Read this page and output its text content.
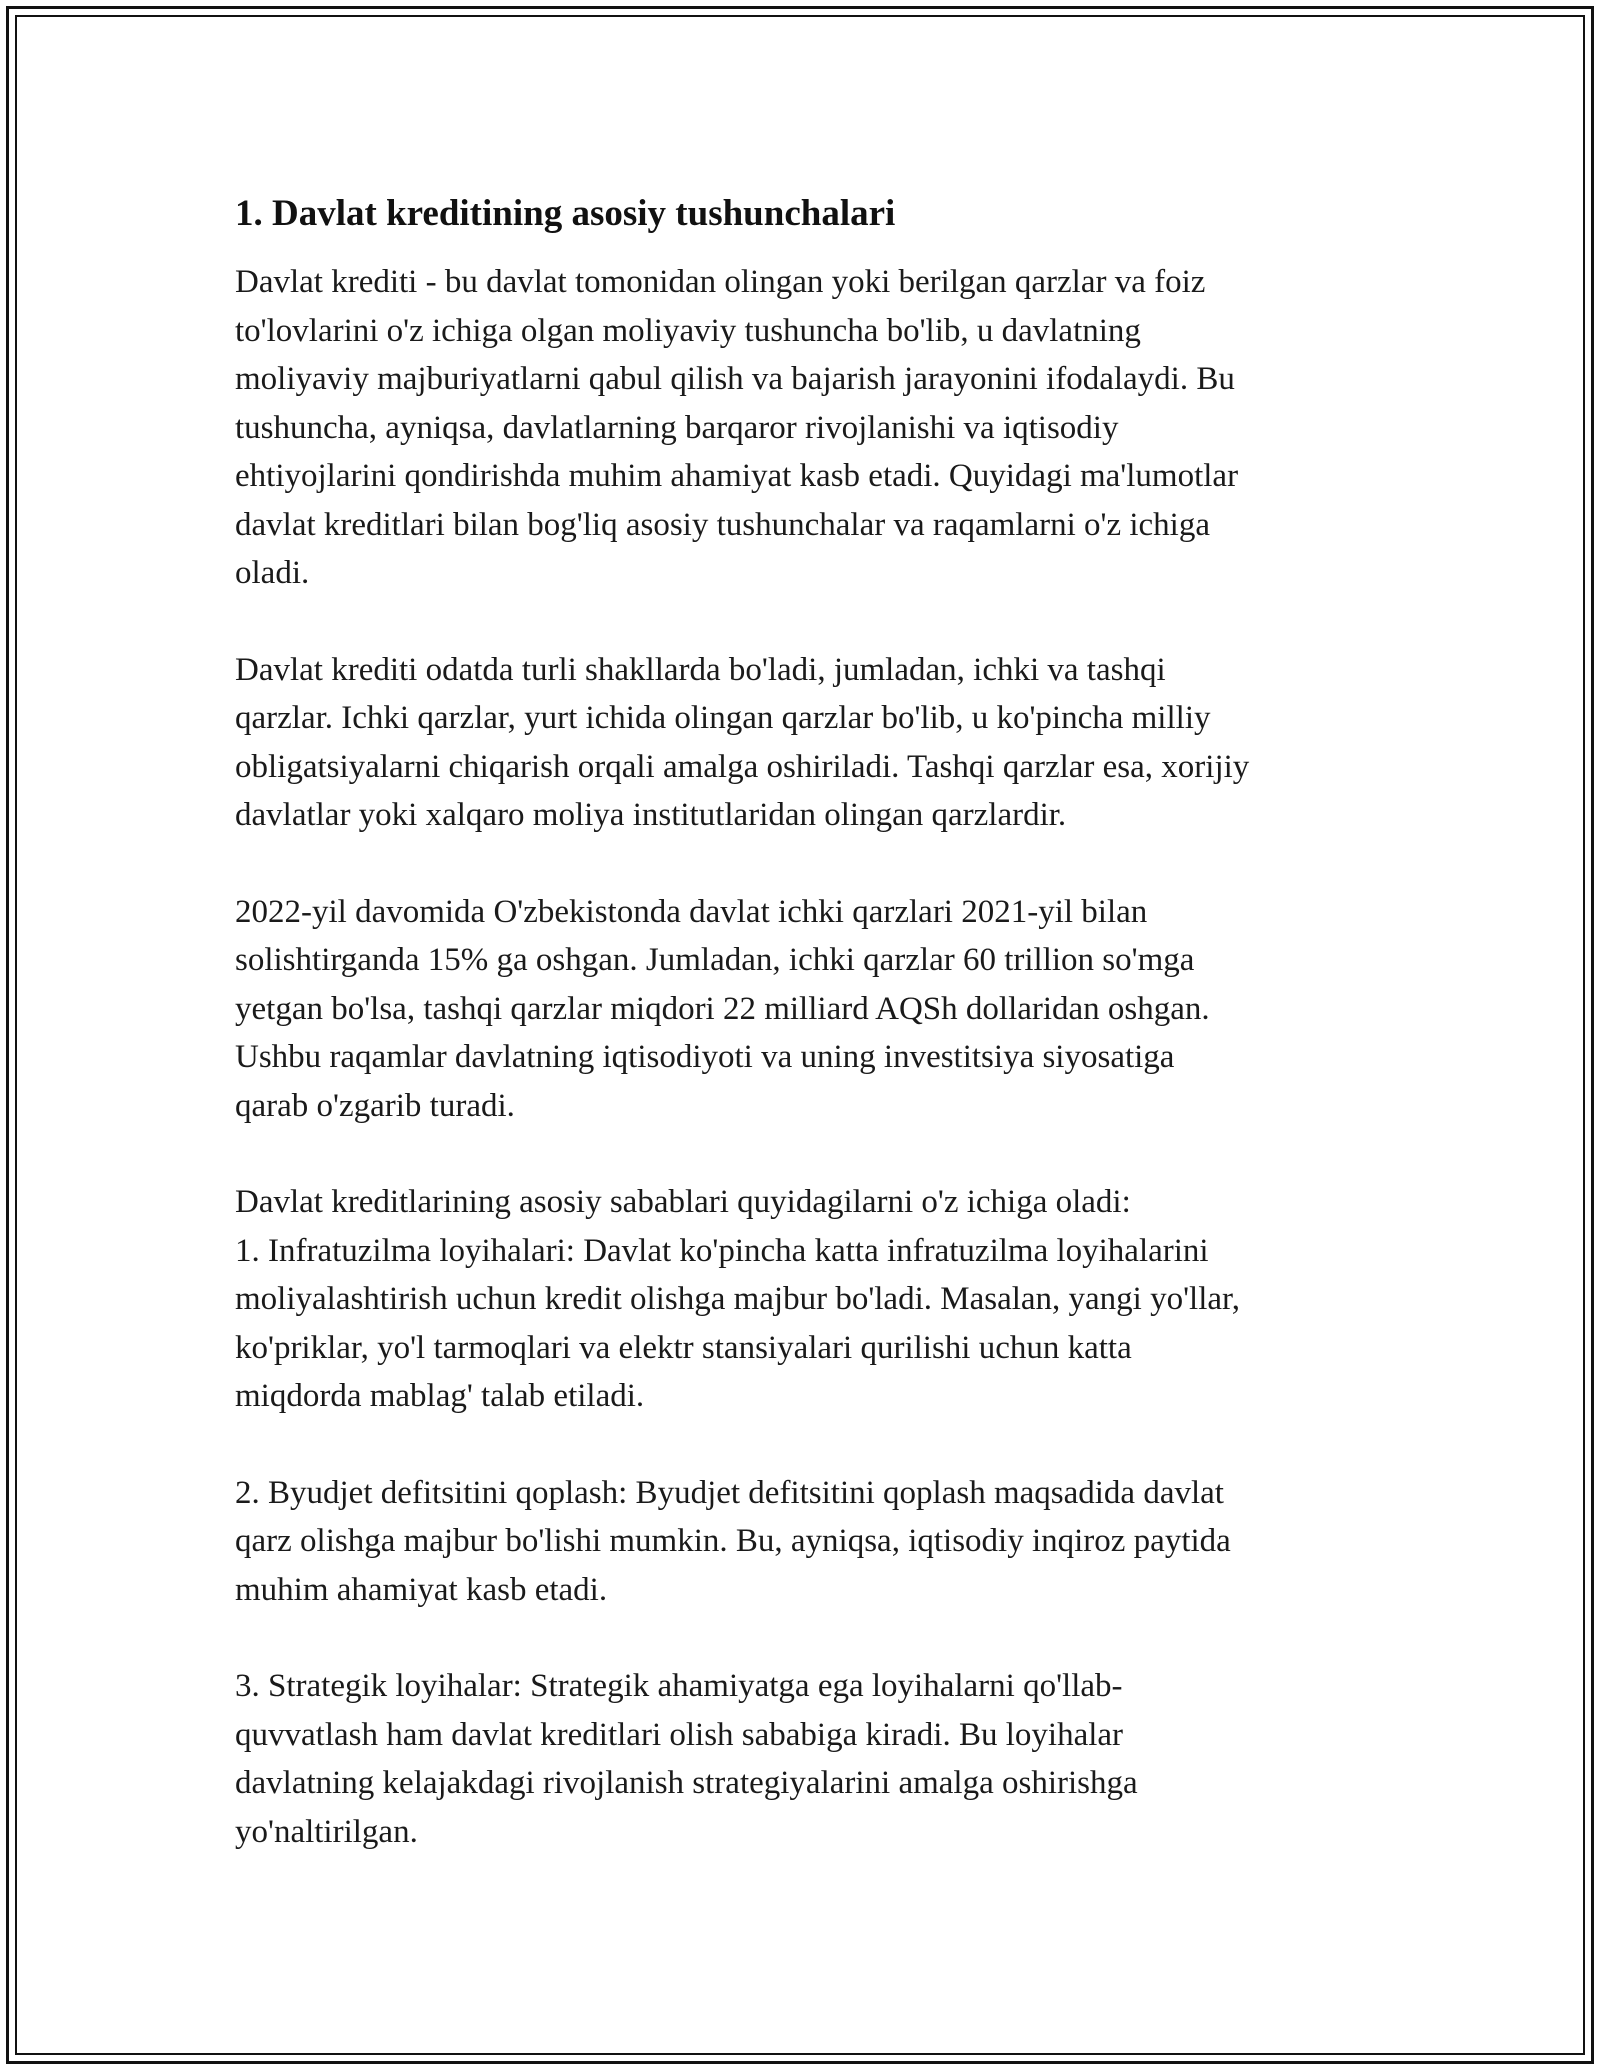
1. Davlat kreditining asosiy tushunchalari

Davlat krediti - bu davlat tomonidan olingan yoki berilgan qarzlar va foiz
to'lovlarini o'z ichiga olgan moliyaviy tushuncha bo'lib, u davlatning
moliyaviy majburiyatlarni qabul qilish va bajarish jarayonini ifodalaydi. Bu
tushuncha, ayniqsa, davlatlarning barqaror rivojlanishi va iqtisodiy
ehtiyojlarini qondirishda muhim ahamiyat kasb etadi. Quyidagi ma'lumotlar
davlat kreditlari bilan bog'liq asosiy tushunchalar va raqamlarni o'z ichiga
oladi.

Davlat krediti odatda turli shakllarda bo'ladi, jumladan, ichki va tashqi
qarzlar. Ichki qarzlar, yurt ichida olingan qarzlar bo'lib, u ko'pincha milliy
obligatsiyalarni chiqarish orqali amalga oshiriladi. Tashqi qarzlar esa, xorijiy
davlatlar yoki xalqaro moliya institutlaridan olingan qarzlardir.

2022-yil davomida O'zbekistonda davlat ichki qarzlari 2021-yil bilan
solishtirganda 15% ga oshgan. Jumladan, ichki qarzlar 60 trillion so'mga
yetgan bo'lsa, tashqi qarzlar miqdori 22 milliard AQSh dollaridan oshgan.
Ushbu raqamlar davlatning iqtisodiyoti va uning investitsiya siyosatiga
qarab o'zgarib turadi.

Davlat kreditlarining asosiy sabablari quyidagilarni o'z ichiga oladi:
1. Infratuzilma loyihalari: Davlat ko'pincha katta infratuzilma loyihalarini
moliyalashtirish uchun kredit olishga majbur bo'ladi. Masalan, yangi yo'llar,
ko'priklar, yo'l tarmoqlari va elektr stansiyalari qurilishi uchun katta
miqdorda mablag' talab etiladi.

2. Byudjet defitsitini qoplash: Byudjet defitsitini qoplash maqsadida davlat
qarz olishga majbur bo'lishi mumkin. Bu, ayniqsa, iqtisodiy inqiroz paytida
muhim ahamiyat kasb etadi.

3. Strategik loyihalar: Strategik ahamiyatga ega loyihalarni qo'llab-
quvvatlash ham davlat kreditlari olish sababiga kiradi. Bu loyihalar
davlatning kelajakdagi rivojlanish strategiyalarini amalga oshirishga
yo'naltirilgan.
